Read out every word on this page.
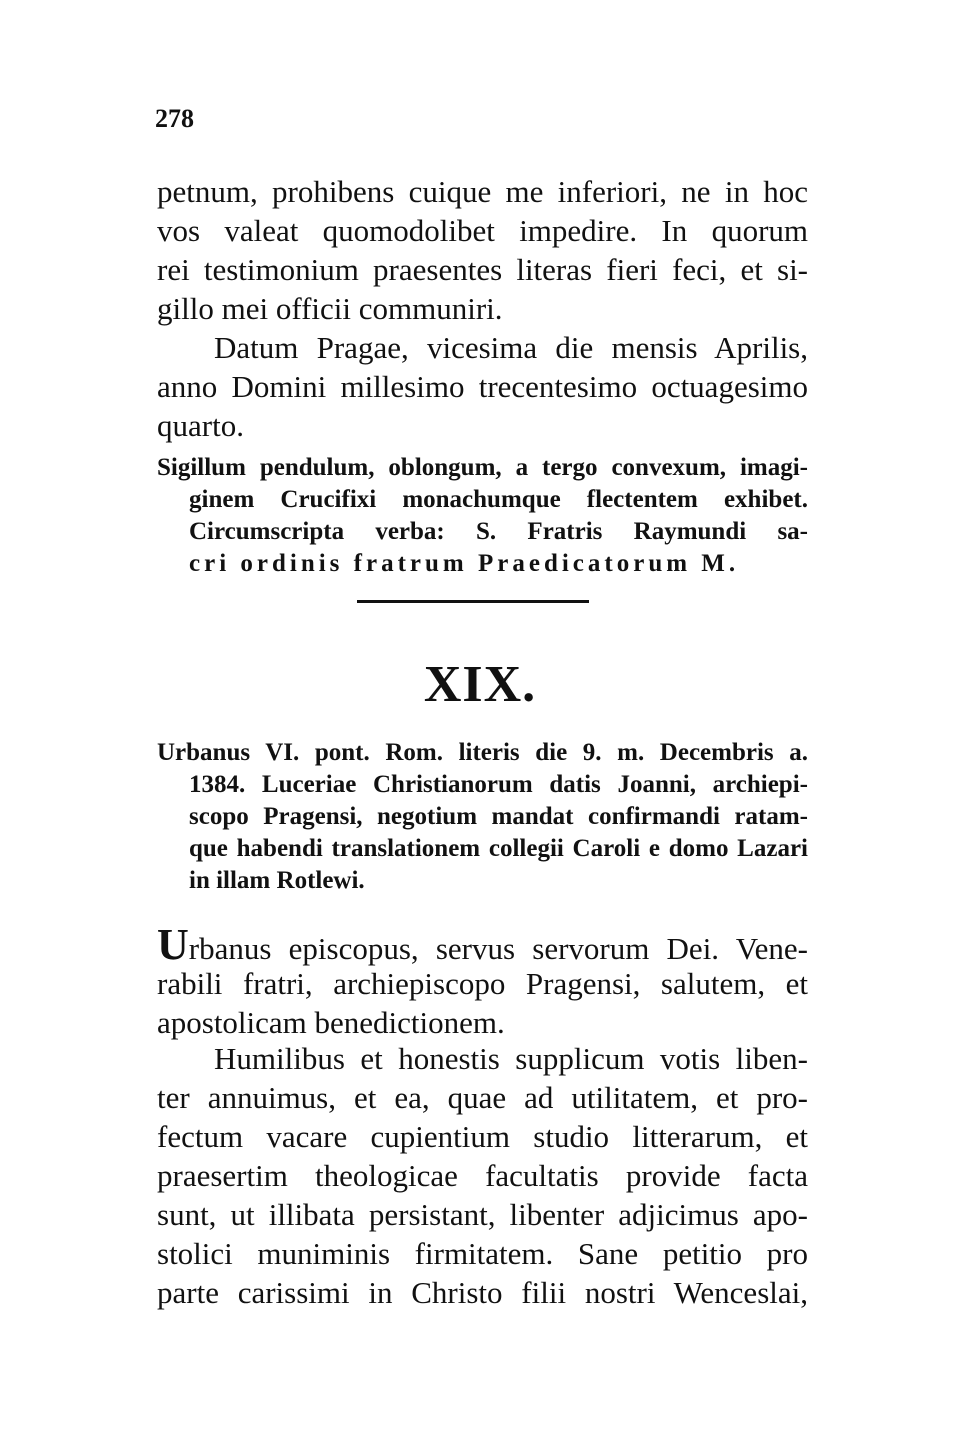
278
petnum, prohibens cuique me inferiori, ne in hoc
vos valeat quomodolibet impedire. In quorum
rei testimonium praesentes literas fieri feci, et si-
gillo mei officii communiri.
Datum Pragae, vicesima die mensis Aprilis,
anno Domini millesimo trecentesimo octuagesimo
quarto.
Sigillum pendulum, oblongum, a tergo convexum, imagi-
ginem Crucifixi monachumque flectentem exhibet.
Circumscripta verba: S. Fratris Raymundi sa-
cri ordinis fratrum Praedicatorum M.
XIX.
Urbanus VI. pont. Rom. literis die 9. m. Decembris a.
1384. Luceriae Christianorum datis Joanni, archiepi-
scopo Pragensi, negotium mandat confirmandi ratam-
que habendi translationem collegii Caroli e domo Lazari
in illam Rotlewi.
Urbanus episcopus, servus servorum Dei. Vene-
rabili fratri, archiepiscopo Pragensi, salutem, et
apostolicam benedictionem.
Humilibus et honestis supplicum votis liben-
ter annuimus, et ea, quae ad utilitatem, et pro-
fectum vacare cupientium studio litterarum, et
praesertim theologicae facultatis provide facta
sunt, ut illibata persistant, libenter adjicimus apo-
stolici muniminis firmitatem. Sane petitio pro
parte carissimi in Christo filii nostri Wenceslai,
